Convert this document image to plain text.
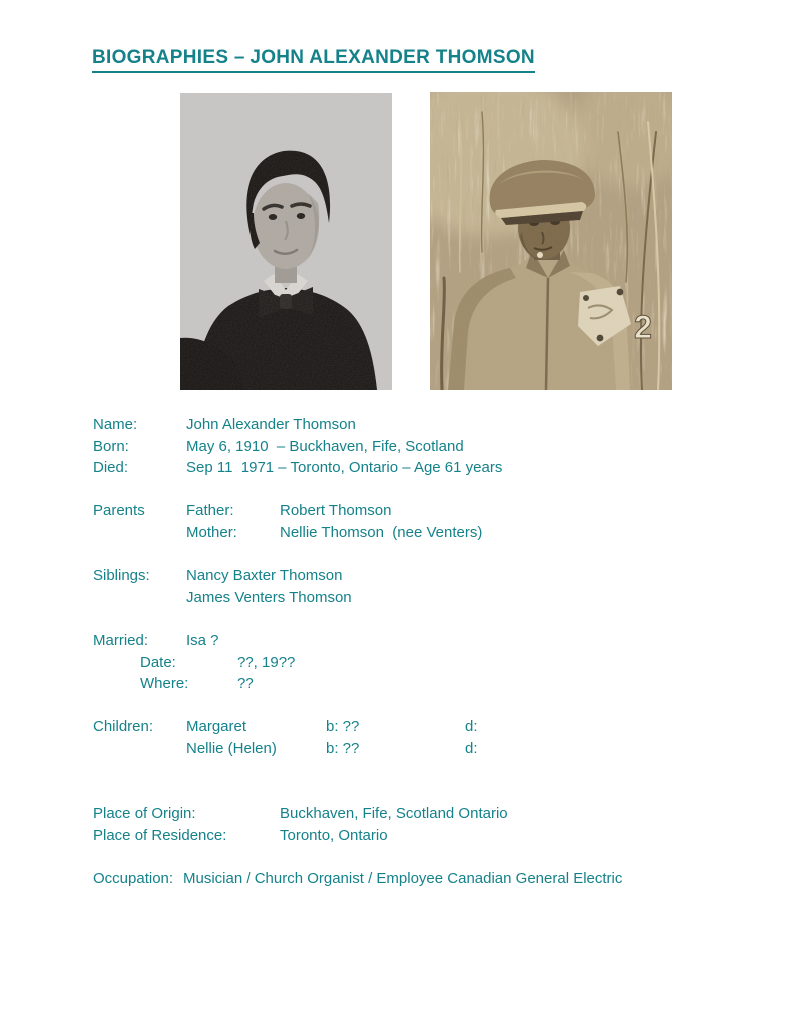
BIOGRAPHIES – JOHN ALEXANDER THOMSON
2
Name:	John Alexander Thomson
Born:	May 6, 1910  – Buckhaven, Fife, Scotland
Died:	Sep 11  1971 – Toronto, Ontario – Age 61 years
Parents	Father:	Robert Thomson
Mother:	Nellie Thomson  (nee Venters)
Siblings: Nancy Baxter Thomson
James Venters Thomson
Married:	Isa ?
Date:	??, 19??
Where:	??
Children: Margaret	b: ??	d:
Nellie (Helen)	b: ??	d:
Place of Origin:	Buckhaven, Fife, Scotland Ontario
Place of Residence:	Toronto, Ontario
Occupation: Musician / Church Organist / Employee Canadian General Electric
